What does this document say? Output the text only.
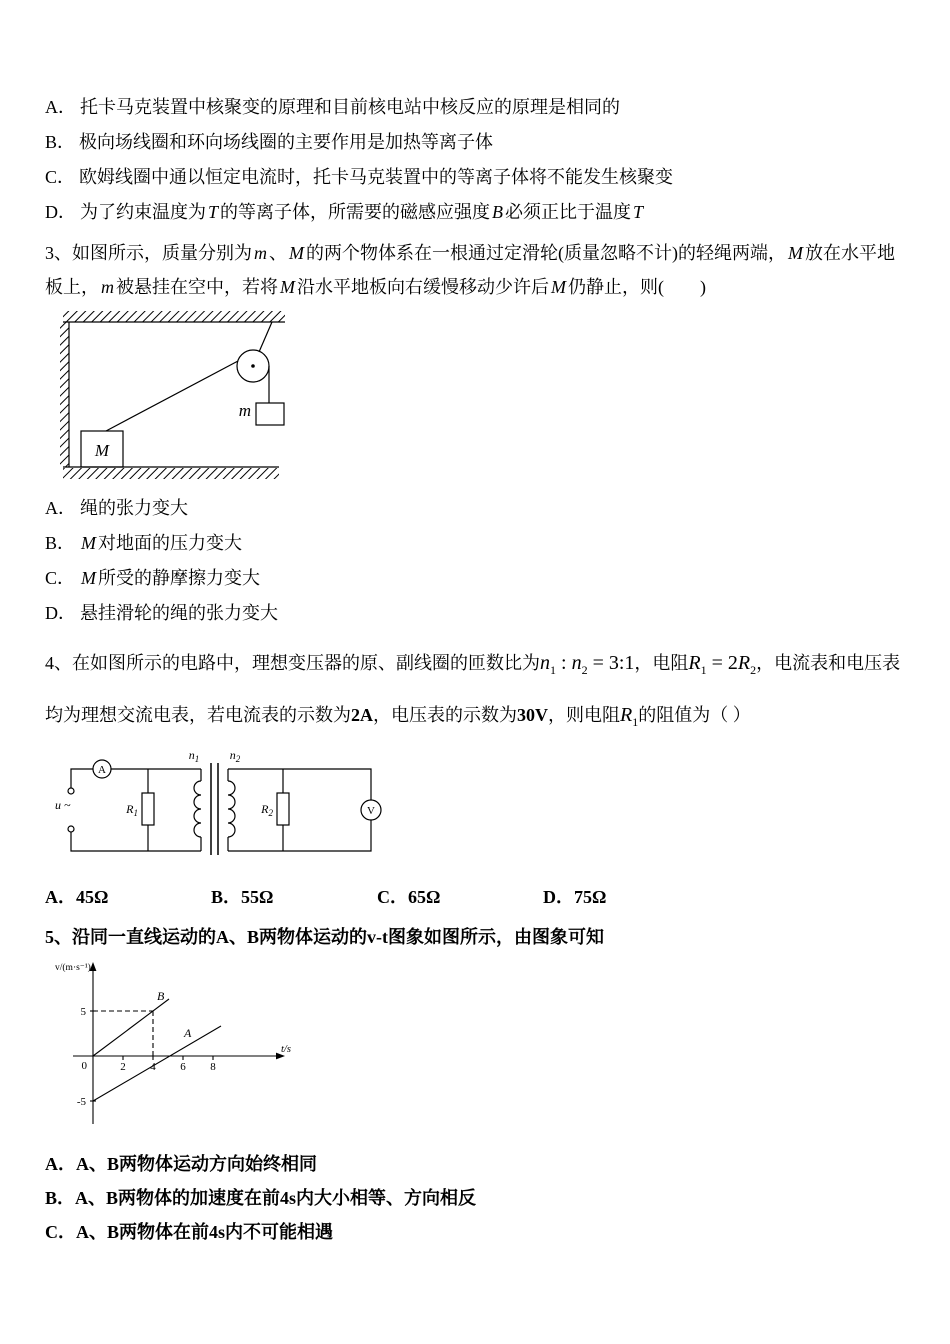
A． 托卡马克装置中核聚变的原理和目前核电站中核反应的原理是相同的

B． 极向场线圈和环向场线圈的主要作用是加热等离子体

C． 欧姆线圈中通以恒定电流时，托卡马克装置中的等离子体将不能发生核聚变

D． 为了约束温度为 T 的等离子体，所需要的磁感应强度 B 必须正比于温度 T

3、如图所示，质量分别为 m 、 M 的两个物体系在一根通过定滑轮(质量忽略不计)的轻绳两端， M 放在水平地板上， m 被悬挂在空中，若将 M 沿水平地板向右缓慢移动少许后 M 仍静止，则(　　)

M
m

A． 绳的张力变大

B． M 对地面的压力变大

C． M 所受的静摩擦力变大

D． 悬挂滑轮的绳的张力变大

4、在如图所示的电路中，理想变压器的原、副线圈的匝数比为$n_1$ : $n_2$ = 3:1，电阻$R_1 = 2R_2$，电流表和电压表均为理想交流电表，若电流表的示数为2A，电压表的示数为30V，则电阻$R_1$的阻值为（ ）

u ~
A
V
$n_1$	$n_2$
$R_1$	$R_2$

A．45Ω	B．55Ω	C．65Ω	D．75Ω

5、沿同一直线运动的A、B两物体运动的v-t图象如图所示，由图象可知

v/(m·s⁻¹)
t/s
5
-5
0	2 4 6 8
B
A

A．A、B两物体运动方向始终相同

B．A、B两物体的加速度在前4s内大小相等、方向相反

C．A、B两物体在前4s内不可能相遇
